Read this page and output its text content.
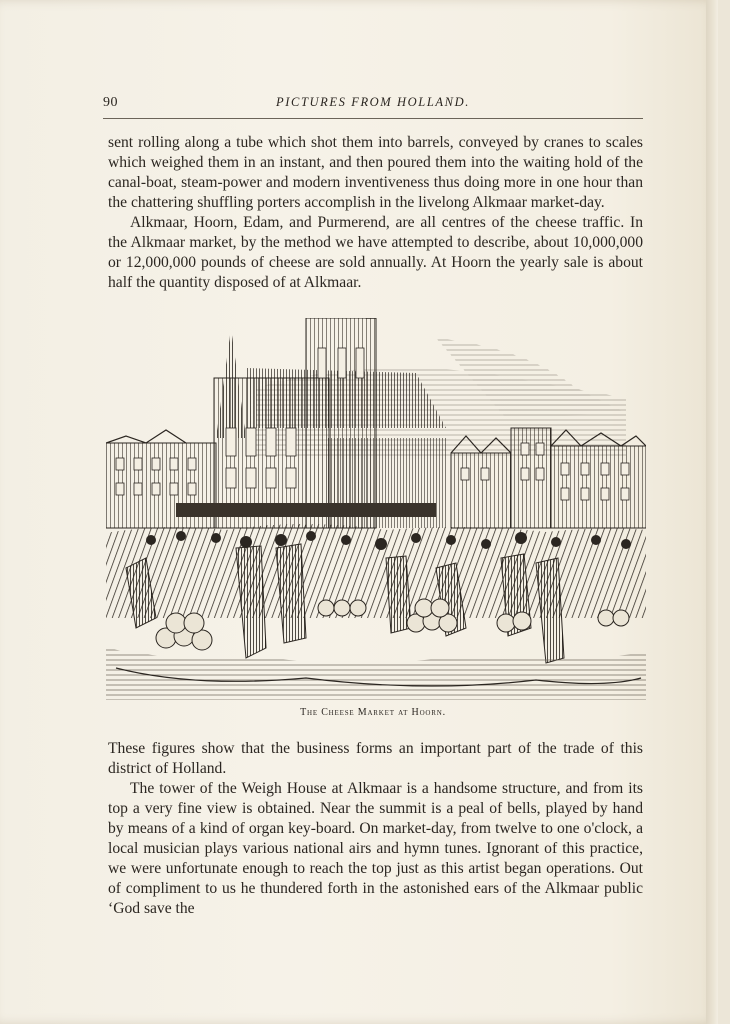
90	PICTURES FROM HOLLAND.

sent rolling along a tube which shot them into barrels, conveyed by cranes to scales which weighed them in an instant, and then poured them into the waiting hold of the canal-boat, steam-power and modern inventiveness thus doing more in one hour than the chattering shuffling porters accomplish in the livelong Alkmaar market-day.

Alkmaar, Hoorn, Edam, and Purmerend, are all centres of the cheese traffic. In the Alkmaar market, by the method we have attempted to describe, about 10,000,000 or 12,000,000 pounds of cheese are sold annually. At Hoorn the yearly sale is about half the quantity disposed of at Alkmaar.

The Cheese Market at Hoorn.

These figures show that the business forms an important part of the trade of this district of Holland.

The tower of the Weigh House at Alkmaar is a handsome structure, and from its top a very fine view is obtained. Near the summit is a peal of bells, played by hand by means of a kind of organ key-board. On market-day, from twelve to one o'clock, a local musician plays various national airs and hymn tunes. Ignorant of this practice, we were unfortunate enough to reach the top just as this artist began operations. Out of compliment to us he thundered forth in the astonished ears of the Alkmaar public ‘God save the
